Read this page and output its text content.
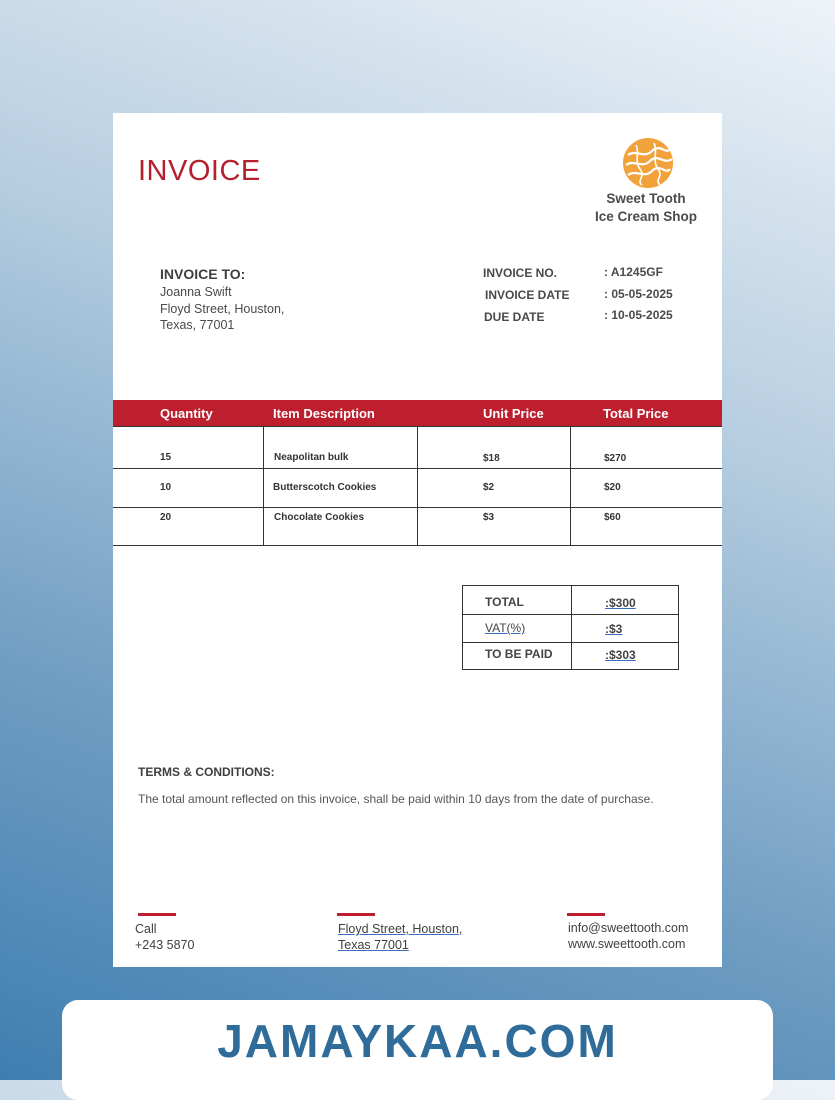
INVOICE
Sweet Tooth
Ice Cream Shop
INVOICE TO:
Joanna Swift
Floyd Street, Houston,
Texas, 77001
INVOICE NO.	: A1245GF
INVOICE DATE	: 05-05-2025
DUE DATE	: 10-05-2025
Quantity	Item Description	Unit Price	Total Price
15	Neapolitan bulk	$18	$270
10	Butterscotch Cookies	$2	$20
20	Chocolate Cookies	$3	$60
TOTAL	:$300
VAT(%)	:$3
TO BE PAID	:$303
TERMS & CONDITIONS:
The total amount reflected on this invoice, shall be paid within 10 days from the date of purchase.
Call
+243 5870
Floyd Street, Houston,
Texas 77001
info@sweettooth.com
www.sweettooth.com
JAMAYKAA.COM
